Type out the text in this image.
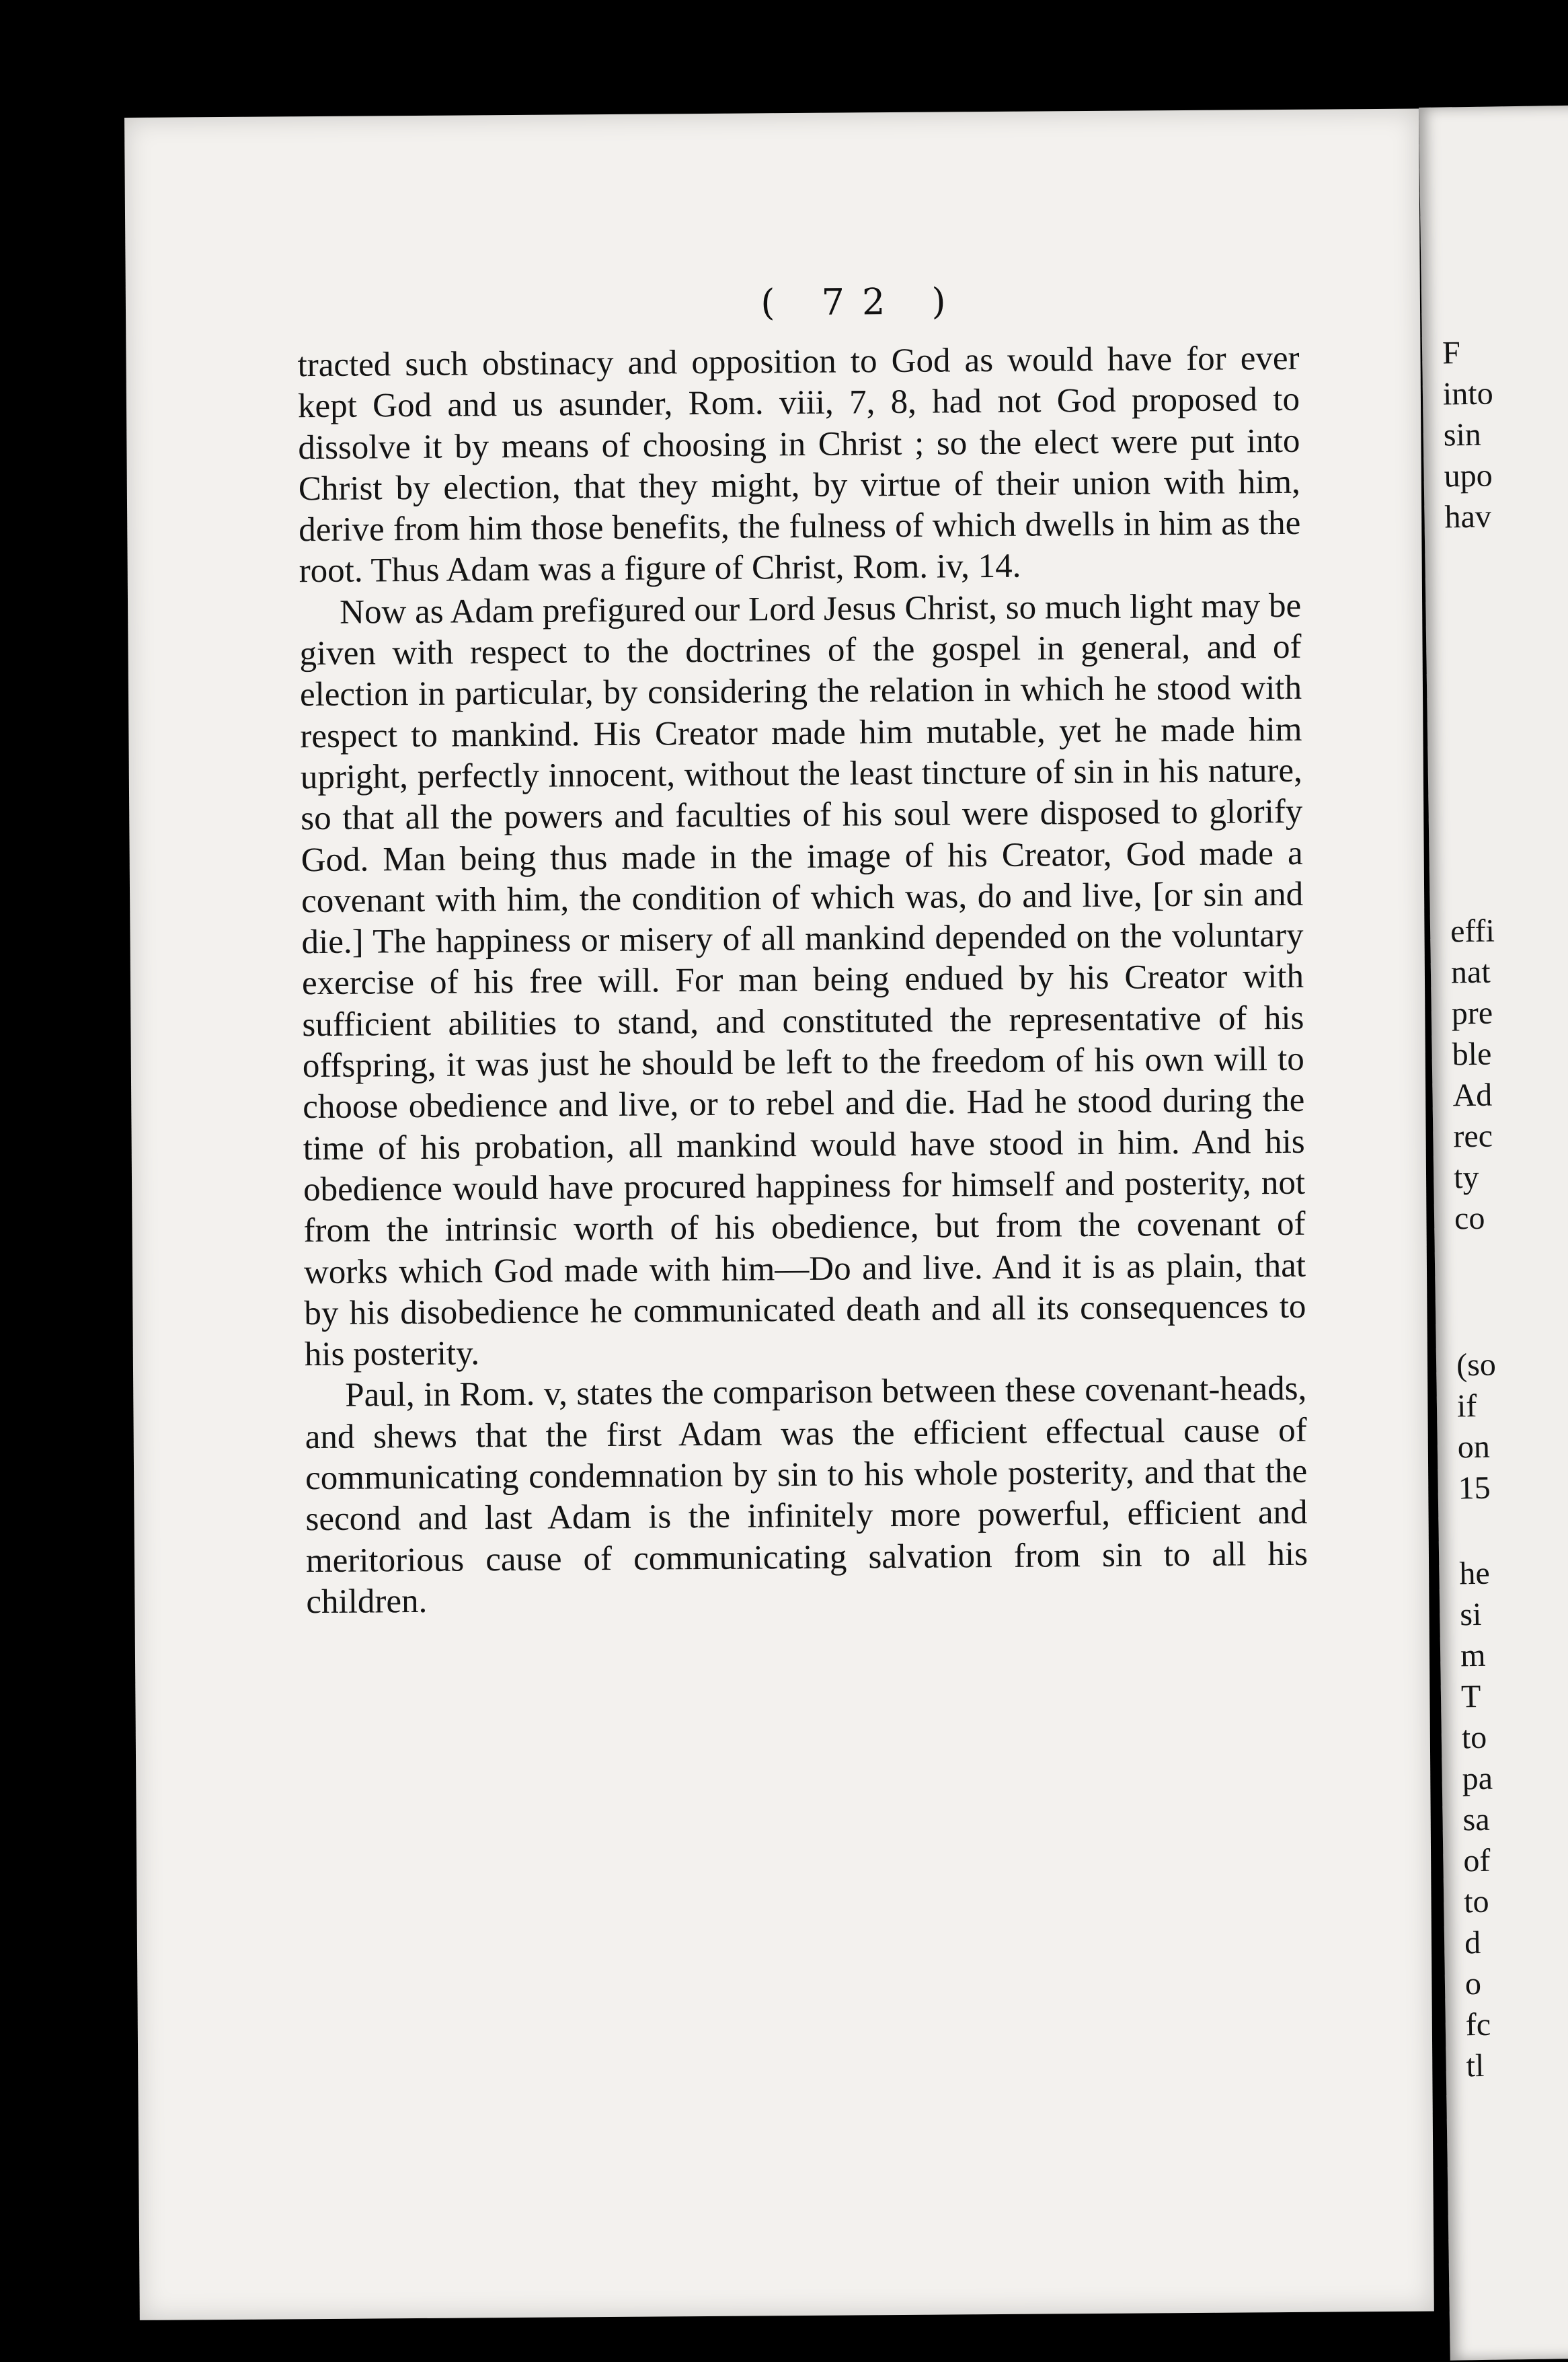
( 72 )

tracted such obstinacy and opposition to God as would have for ever kept God and us asunder, Rom. viii, 7, 8, had not God proposed to dissolve it by means of choosing in Christ ; so the elect were put into Christ by election, that they might, by virtue of their union with him, derive from him those benefits, the fulness of which dwells in him as the root. Thus Adam was a figure of Christ, Rom. iv, 14.

Now as Adam prefigured our Lord Jesus Christ, so much light may be given with respect to the doctrines of the gospel in general, and of election in particular, by considering the relation in which he stood with respect to mankind. His Creator made him mutable, yet he made him upright, perfectly innocent, without the least tincture of sin in his nature, so that all the powers and faculties of his soul were disposed to glorify God. Man being thus made in the image of his Creator, God made a covenant with him, the condition of which was, do and live, [or sin and die.] The happiness or misery of all mankind depended on the voluntary exercise of his free will. For man being endued by his Creator with sufficient abilities to stand, and constituted the representative of his offspring, it was just he should be left to the freedom of his own will to choose obedience and live, or to rebel and die. Had he stood during the time of his probation, all mankind would have stood in him. And his obedience would have procured happiness for himself and posterity, not from the intrinsic worth of his obedience, but from the covenant of works which God made with him—Do and live. And it is as plain, that by his disobedience he communicated death and all its consequences to his posterity.

Paul, in Rom. v, states the comparison between these covenant-heads, and shews that the first Adam was the efficient effectual cause of communicating condemnation by sin to his whole posterity, and that the second and last Adam is the infinitely more powerful, efficient and meritorious cause of communicating salvation from sin to all his children.

F
into
sin
upo
hav
effi
nat
pre
ble
Ad
rec
ty
co
(so
if
on
15
he
si
m
T
to
pa
sa
of
to
d
o
fc
tl
